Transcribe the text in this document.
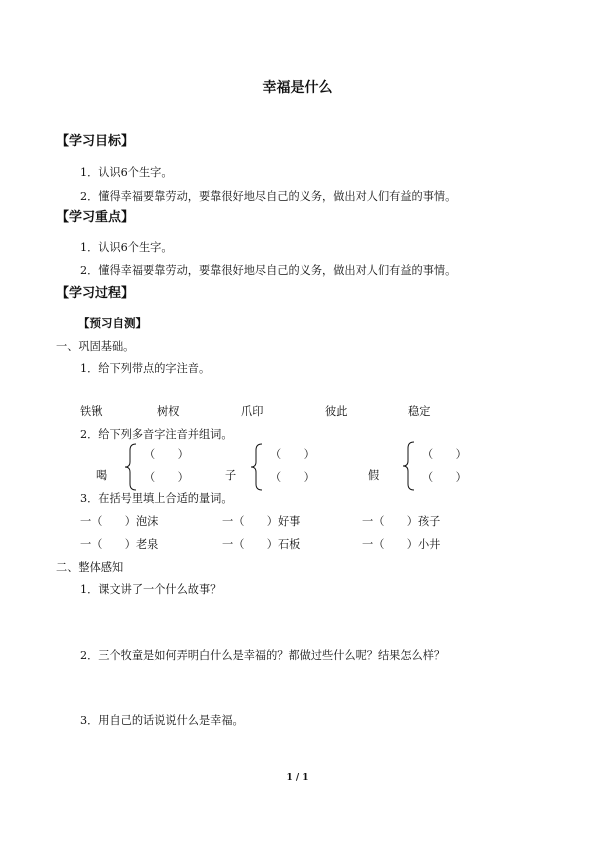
幸福是什么
【学习目标】
1．认识6个生字。
2．懂得幸福要靠劳动，要靠很好地尽自己的义务，做出对人们有益的事情。
【学习重点】
1．认识6个生字。
2．懂得幸福要靠劳动，要靠很好地尽自己的义务，做出对人们有益的事情。
【学习过程】
【预习自测】
一、巩固基础。
1．给下列带点的字注音。
铁锹	树杈	爪印	彼此	稳定
2．给下列多音字注音并组词。
喝
（　　）
（　　）	子
（　　）
（　　）	假
（　　）
（　　）
3．在括号里填上合适的量词。
一（　　）泡沫	一（　　）好事	一（　　）孩子
一（　　）老泉	一（　　）石板	一（　　）小井
二、整体感知
1．课文讲了一个什么故事？
2．三个牧童是如何弄明白什么是幸福的？都做过些什么呢？结果怎么样？
3．用自己的话说说什么是幸福。
1 / 1
